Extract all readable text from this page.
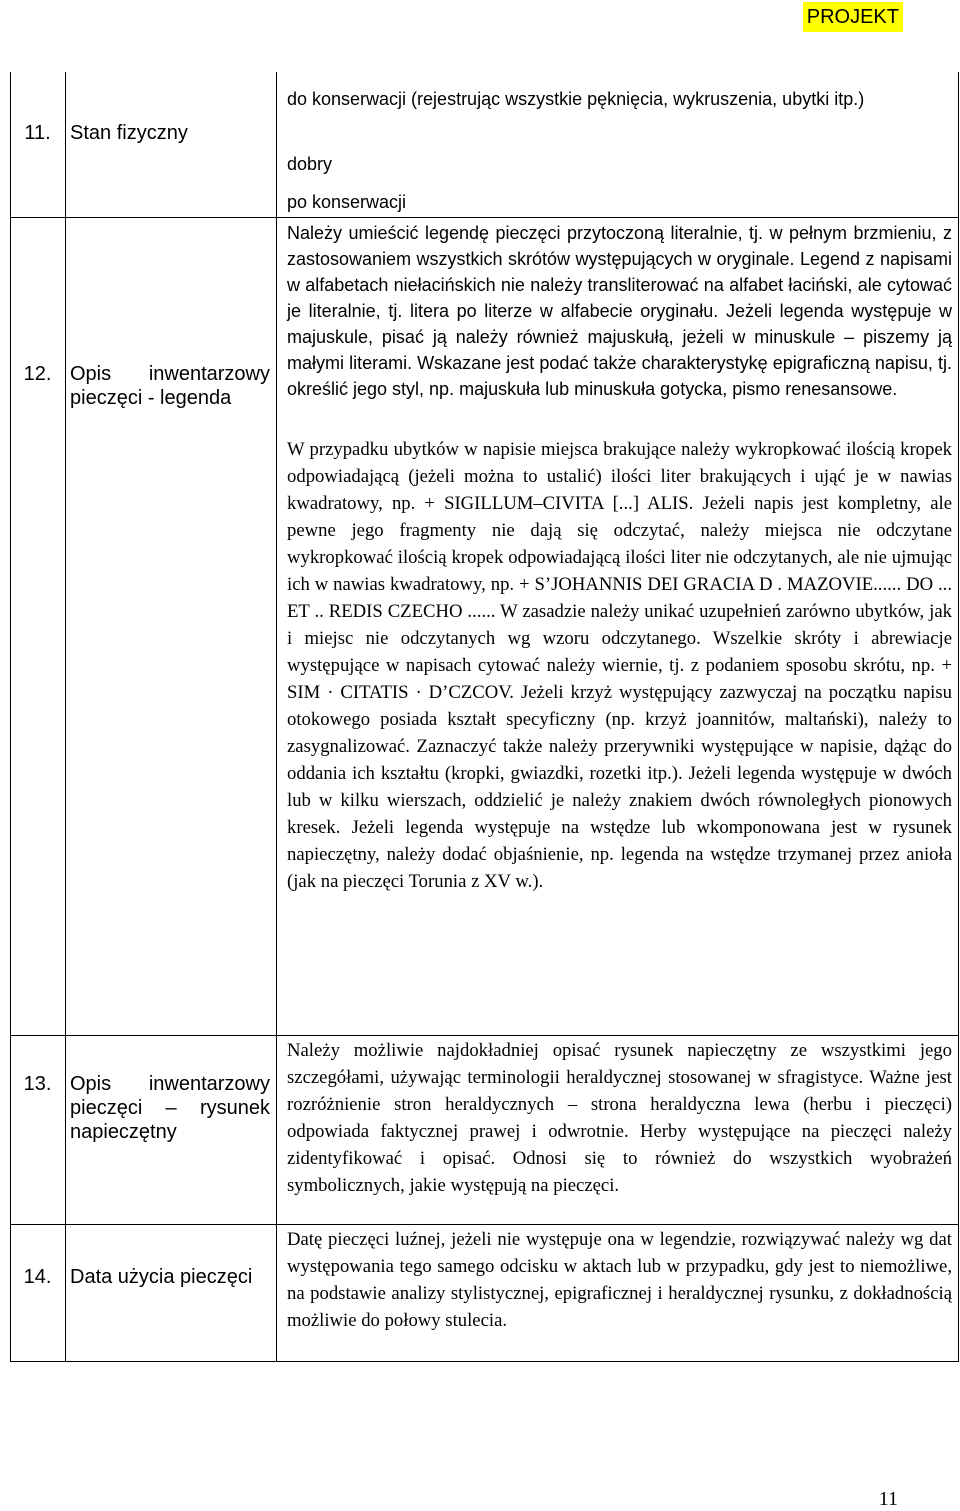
PROJEKT
11. Stan fizyczny
do konserwacji (rejestrując wszystkie pęknięcia, wykruszenia, ubytki itp.)
dobry
po konserwacji
12. Opis inwentarzowy pieczęci - legenda
Należy umieścić legendę pieczęci przytoczoną literalnie, tj. w pełnym brzmieniu, z zastosowaniem wszystkich skrótów występujących w oryginale. Legend z napisami w alfabetach niełacińskich nie należy transliterować na alfabet łaciński, ale cytować je literalnie, tj. litera po literze w alfabecie oryginału. Jeżeli legenda występuje w majuskule, pisać ją należy również majuskułą, jeżeli w minuskule – piszemy ją małymi literami. Wskazane jest podać także charakterystykę epigraficzną napisu, tj. określić jego styl, np. majuskuła lub minuskuła gotycka, pismo renesansowe.
W przypadku ubytków w napisie miejsca brakujące należy wykropkować ilością kropek odpowiadającą (jeżeli można to ustalić) ilości liter brakujących i ująć je w nawias kwadratowy, np. + SIGILLUM–CIVITA [...] ALIS. Jeżeli napis jest kompletny, ale pewne jego fragmenty nie dają się odczytać, należy miejsca nie odczytane wykropkować ilością kropek odpowiadającą ilości liter nie odczytanych, ale nie ujmując ich w nawias kwadratowy, np. + S’JOHANNIS DEI GRACIA D . MAZOVIE...... DO ... ET .. REDIS CZECHO ...... W zasadzie należy unikać uzupełnień zarówno ubytków, jak i miejsc nie odczytanych wg wzoru odczytanego. Wszelkie skróty i abrewiacje występujące w napisach cytować należy wiernie, tj. z podaniem sposobu skrótu, np. + SIM · CITATIS · D’CZCOV. Jeżeli krzyż występujący zazwyczaj na początku napisu otokowego posiada kształt specyficzny (np. krzyż joannitów, maltański), należy to zasygnalizować. Zaznaczyć także należy przerywniki występujące w napisie, dążąc do oddania ich kształtu (kropki, gwiazdki, rozetki itp.). Jeżeli legenda występuje w dwóch lub w kilku wierszach, oddzielić je należy znakiem dwóch równoległych pionowych kresek. Jeżeli legenda występuje na wstędze lub wkomponowana jest w rysunek napieczętny, należy dodać objaśnienie, np. legenda na wstędze trzymanej przez anioła (jak na pieczęci Torunia z XV w.).
13. Opis inwentarzowy pieczęci – rysunek napieczętny
Należy możliwie najdokładniej opisać rysunek napieczętny ze wszystkimi jego szczegółami, używając terminologii heraldycznej stosowanej w sfragistyce. Ważne jest rozróżnienie stron heraldycznych – strona heraldyczna lewa (herbu i pieczęci) odpowiada faktycznej prawej i odwrotnie. Herby występujące na pieczęci należy zidentyfikować i opisać. Odnosi się to również do wszystkich wyobrażeń symbolicznych, jakie występują na pieczęci.
14. Data użycia pieczęci
Datę pieczęci luźnej, jeżeli nie występuje ona w legendzie, rozwiązywać należy wg dat występowania tego samego odcisku w aktach lub w przypadku, gdy jest to niemożliwe, na podstawie analizy stylistycznej, epigraficznej i heraldycznej rysunku, z dokładnością możliwie do połowy stulecia.
11
